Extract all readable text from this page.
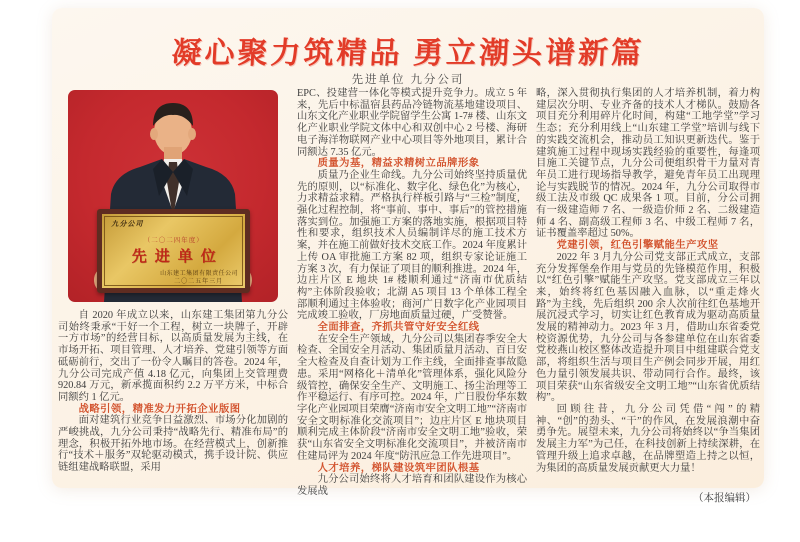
凝心聚力筑精品 勇立潮头谱新篇
先进单位 九分公司
九分公司
（二〇二四年度）
先进单位
山东建工集团有限责任公司
二〇二五年三月

自 2020 年成立以来，山东建工集团第九分公司始终秉承“干好一个工程，树立一块牌子，开辟一方市场”的经营目标，以高质量发展为主线，在市场开拓、项目管理、人才培养、党建引领等方面砥砺前行，交出了一份令人瞩目的答卷。2024 年，九分公司完成产值 4.18 亿元，向集团上交管理费 920.84 万元，新承揽面积约 2.2 万平方米，中标合同额约 1 亿元。

战略引领，精准发力开拓企业版图

面对建筑行业竞争日益激烈、市场分化加剧的严峻挑战，九分公司秉持“战略先行、精准布局”的理念，积极开拓外地市场。在经营模式上，创新推行“技术＋服务”双轮驱动模式，携手设计院、供应链组建战略联盟，采用

EPC、投建营一体化等模式提升竞争力。成立 5 年来，先后中标温宿县药品冷链物流基地建设项目、山东文化产业职业学院留学生公寓 1-7# 楼、山东文化产业职业学院文体中心和双创中心 2 号楼、海研电子海洋物联网产业中心项目等外地项目，累计合同额达 7.35 亿元。

质量为基，精益求精树立品牌形象

质量乃企业生命线。九分公司始终坚持质量优先的原则，以“标准化、数字化、绿色化”为核心，力求精益求精。严格执行样板引路与“三检”制度，强化过程控制，将“事前、事中、事后”的管控措施落实到位。加强施工方案的落地实施，根据项目特性和要求，组织技术人员编制详尽的施工技术方案，并在施工前做好技术交底工作。2024 年度累计上传 OA 审批施工方案 82 项，组织专家论证施工方案 3 次，有力保证了项目的顺利推进。2024 年，边庄片区 E 地块 1# 楼顺利通过“济南市优质结构”主体阶段验收；北湖 A5 项目 13 个单体工程全部顺利通过主体验收；商河广日数字化产业园项目完成竣工验收，厂房地面质量过硬，广受赞誉。

全面排查，齐抓共管守好安全红线

在安全生产领域，九分公司以集团春季安全大检查、全国安全月活动、集团质量月活动、百日安全大检查及自查计划为工作主线，全面排查事故隐患。采用“网格化＋清单化”管理体系，强化风险分级管控，确保安全生产、文明施工、扬尘治理等工作平稳运行、有序可控。2024 年，广日股份华东数字化产业园项目荣膺“济南市安全文明工地”“济南市安全文明标准化交流项目”；边庄片区 E 地块项目顺利完成主体阶段“济南市安全文明工地”验收，荣获“山东省安全文明标准化交流项目”，并被济南市住建局评为 2024 年度“防汛应急工作先进项目”。

人才培养，梯队建设筑牢团队根基

九分公司始终将人才培育和团队建设作为核心发展战

略，深入贯彻执行集团的人才培养机制，着力构建层次分明、专业齐备的技术人才梯队。鼓励各项目充分利用碎片化时间，构建“工地学堂”学习生态；充分利用线上“山东建工学堂”培训与线下的实践交流机会，推动员工知识更新迭代。鉴于建筑施工过程中现场实践经验的重要性，每逢项目施工关键节点，九分公司便组织骨干力量对青年员工进行现场指导教学，避免青年员工出现理论与实践脱节的情况。2024 年，九分公司取得市级工法及市级 QC 成果各 1 项。目前，分公司拥有一级建造师 7 名、一级造价师 2 名、二级建造师 4 名、副高级工程师 3 名、中级工程师 7 名，证书覆盖率超过 50%。

党建引领，红色引擎赋能生产攻坚

2022 年 3 月九分公司党支部正式成立，支部充分发挥堡垒作用与党员的先锋模范作用，积极以“红色引擎”赋能生产攻坚。党支部成立三年以来，始终将红色基因融入血脉，以“重走烽火路”为主线，先后组织 200 余人次前往红色基地开展沉浸式学习，切实让红色教育成为驱动高质量发展的精神动力。2023 年 3 月，借助山东省委党校资源优势，九分公司与各参建单位在山东省委党校燕山校区整体改造提升项目中组建联合党支部，将组织生活与项目生产例会同步开展，用红色力量引领发展共识、带动同行合作。最终，该项目荣获“山东省级安全文明工地”“山东省优质结构”。

回顾往昔，九分公司凭借“闯”的精神、“创”的劲头、“干”的作风，在发展浪潮中奋勇争先。展望未来，九分公司将始终以“争当集团发展主力军”为己任，在科技创新上持续深耕，在管理升级上追求卓越，在品牌塑造上持之以恒，为集团的高质量发展贡献更大力量！

（本报编辑）
